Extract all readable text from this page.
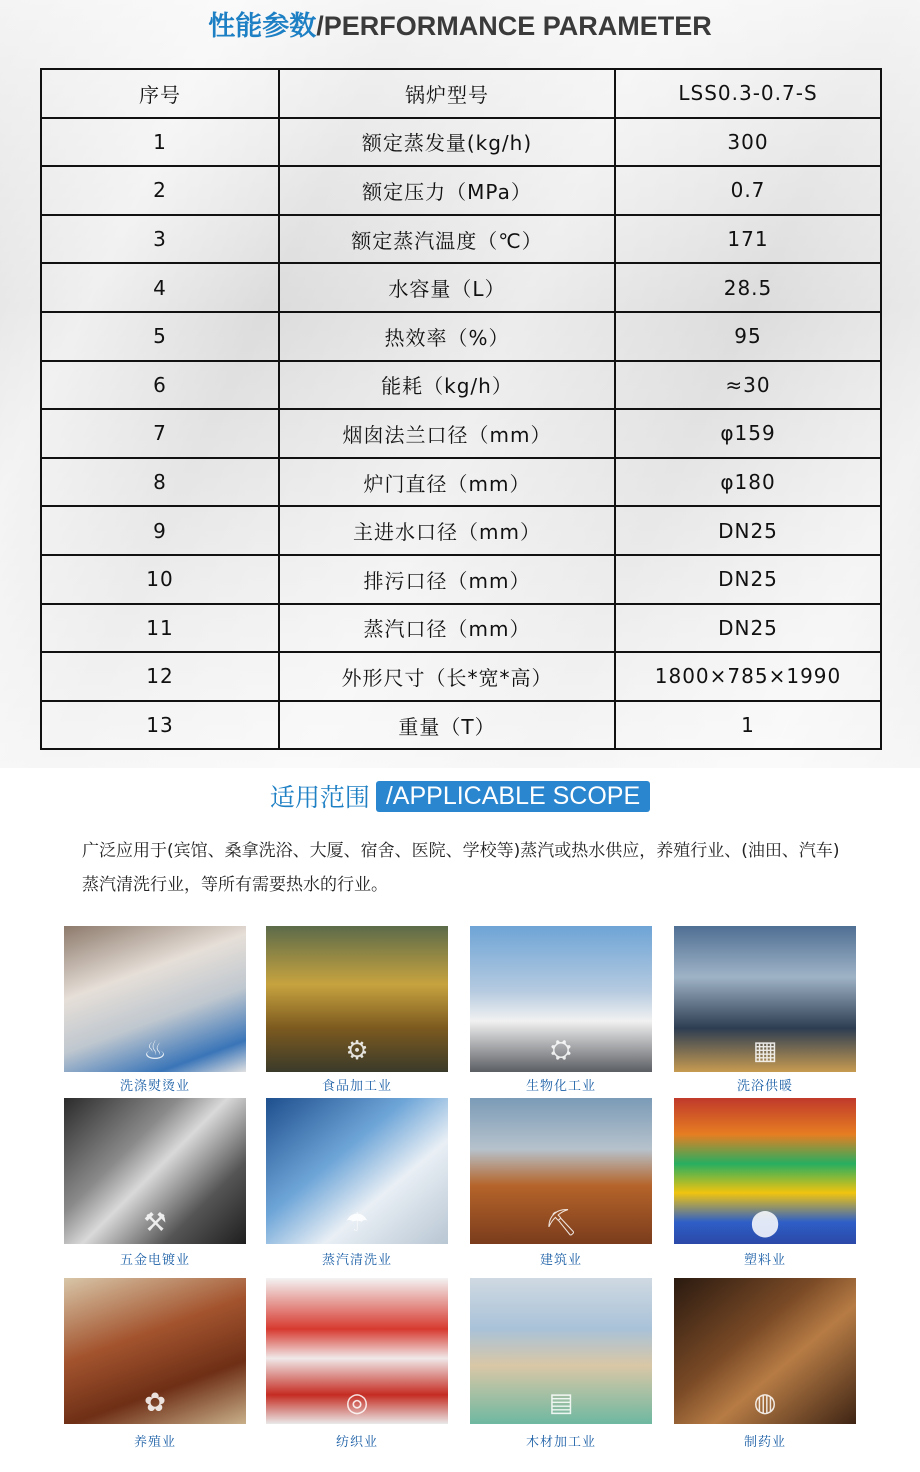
性能参数/PERFORMANCE PARAMETER
序号	锅炉型号	LSS0.3-0.7-S
1	额定蒸发量(kg/h)	300
2	额定压力（MPa）	0.7
3	额定蒸汽温度（℃）	171
4	水容量（L）	28.5
5	热效率（%）	95
6	能耗（kg/h）	≈30
7	烟囱法兰口径（mm）	φ159
8	炉门直径（mm）	φ180
9	主进水口径（mm）	DN25
10	排污口径（mm）	DN25
11	蒸汽口径（mm）	DN25
12	外形尺寸（长*宽*高）	1800×785×1990
13	重量（T）	1
适用范围 /APPLICABLE SCOPE

广泛应用于(宾馆、桑拿洗浴、大厦、宿舍、医院、学校等)蒸汽或热水供应，养殖行业、(油田、汽车)蒸汽清洗行业，等所有需要热水的行业。

♨
洗涤熨烫业
⚙
食品加工业
⛭
生物化工业
▦
洗浴供暖
⚒
五金电镀业
☂
蒸汽清洗业
⛏
建筑业
⬤
塑料业
✿
养殖业
◎
纺织业
▤
木材加工业
◍
制药业
